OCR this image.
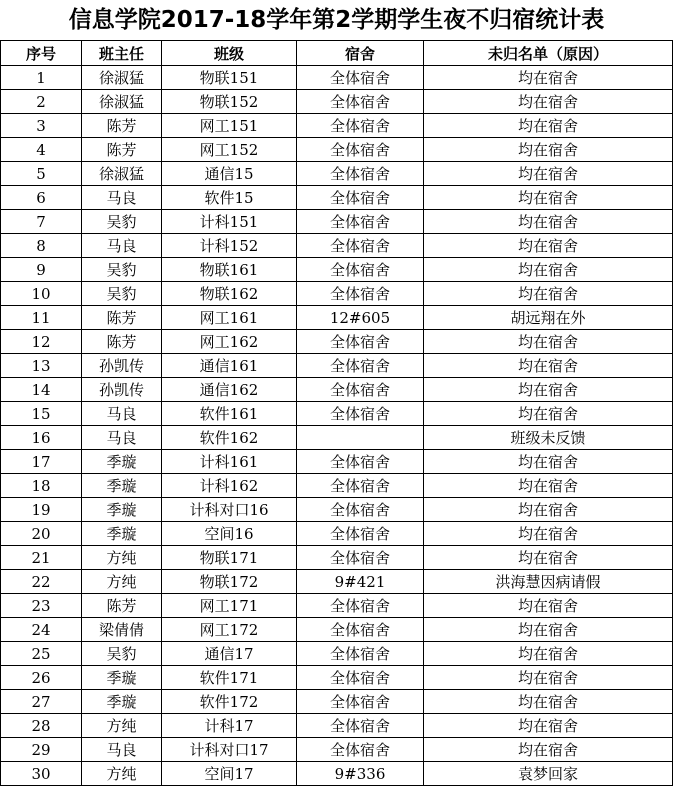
信息学院2017-18学年第2学期学生夜不归宿统计表
序号	班主任	班级	宿舍	未归名单（原因）
1	徐淑猛	物联151	全体宿舍	均在宿舍
2	徐淑猛	物联152	全体宿舍	均在宿舍
3	陈芳	网工151	全体宿舍	均在宿舍
4	陈芳	网工152	全体宿舍	均在宿舍
5	徐淑猛	通信15	全体宿舍	均在宿舍
6	马良	软件15	全体宿舍	均在宿舍
7	吴豹	计科151	全体宿舍	均在宿舍
8	马良	计科152	全体宿舍	均在宿舍
9	吴豹	物联161	全体宿舍	均在宿舍
10	吴豹	物联162	全体宿舍	均在宿舍
11	陈芳	网工161	12#605	胡远翔在外
12	陈芳	网工162	全体宿舍	均在宿舍
13	孙凯传	通信161	全体宿舍	均在宿舍
14	孙凯传	通信162	全体宿舍	均在宿舍
15	马良	软件161	全体宿舍	均在宿舍
16	马良	软件162		班级未反馈
17	季璇	计科161	全体宿舍	均在宿舍
18	季璇	计科162	全体宿舍	均在宿舍
19	季璇	计科对口16	全体宿舍	均在宿舍
20	季璇	空间16	全体宿舍	均在宿舍
21	方纯	物联171	全体宿舍	均在宿舍
22	方纯	物联172	9#421	洪海慧因病请假
23	陈芳	网工171	全体宿舍	均在宿舍
24	梁倩倩	网工172	全体宿舍	均在宿舍
25	吴豹	通信17	全体宿舍	均在宿舍
26	季璇	软件171	全体宿舍	均在宿舍
27	季璇	软件172	全体宿舍	均在宿舍
28	方纯	计科17	全体宿舍	均在宿舍
29	马良	计科对口17	全体宿舍	均在宿舍
30	方纯	空间17	9#336	袁梦回家
